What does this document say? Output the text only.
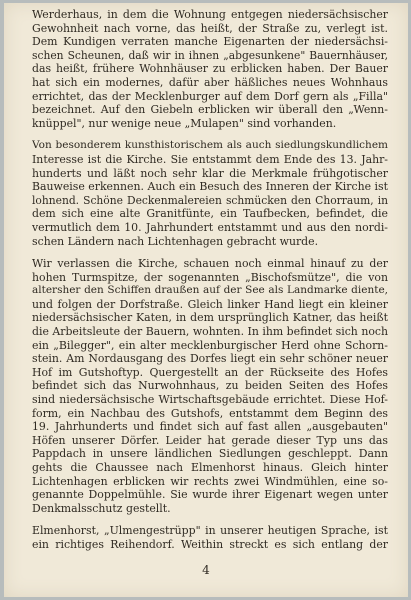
Werderhaus, in dem die Wohnung entgegen niedersächsischer
Gewohnheit nach vorne, das heißt, der Straße zu, verlegt ist.
Dem Kundigen verraten manche Eigenarten der niedersächsi-
schen Scheunen, daß wir in ihnen „abgesunkene" Bauernhäuser,
das heißt, frühere Wohnhäuser zu erblicken haben. Der Bauer
hat sich ein modernes, dafür aber häßliches neues Wohnhaus
errichtet, das der Mecklenburger auf dem Dorf gern als „Filla"
bezeichnet. Auf den Giebeln erblicken wir überall den „Wenn-
knüppel", nur wenige neue „Mulapen" sind vorhanden.
Von besonderem kunsthistorischem als auch siedlungskundlichem
Interesse ist die Kirche. Sie entstammt dem Ende des 13. Jahr-
hunderts und läßt noch sehr klar die Merkmale frühgotischer
Bauweise erkennen. Auch ein Besuch des Inneren der Kirche ist
lohnend. Schöne Deckenmalereien schmücken den Chorraum, in
dem sich eine alte Granitfünte, ein Taufbecken, befindet, die
vermutlich dem 10. Jahrhundert entstammt und aus den nordi-
schen Ländern nach Lichtenhagen gebracht wurde.
Wir verlassen die Kirche, schauen noch einmal hinauf zu der
hohen Turmspitze, der sogenannten „Bischofsmütze", die von
altersher den Schiffen draußen auf der See als Landmarke diente,
und folgen der Dorfstraße. Gleich linker Hand liegt ein kleiner
niedersächsischer Katen, in dem ursprünglich Katner, das heißt
die Arbeitsleute der Bauern, wohnten. In ihm befindet sich noch
ein „Bilegger", ein alter mecklenburgischer Herd ohne Schorn-
stein. Am Nordausgang des Dorfes liegt ein sehr schöner neuer
Hof im Gutshoftyp. Quergestellt an der Rückseite des Hofes
befindet sich das Nurwohnhaus, zu beiden Seiten des Hofes
sind niedersächsische Wirtschaftsgebäude errichtet. Diese Hof-
form, ein Nachbau des Gutshofs, entstammt dem Beginn des
19. Jahrhunderts und findet sich auf fast allen „ausgebauten"
Höfen unserer Dörfer. Leider hat gerade dieser Typ uns das
Pappdach in unsere ländlichen Siedlungen geschleppt. Dann
gehts die Chaussee nach Elmenhorst hinaus. Gleich hinter
Lichtenhagen erblicken wir rechts zwei Windmühlen, eine so-
genannte Doppelmühle. Sie wurde ihrer Eigenart wegen unter
Denkmalsschutz gestellt.
Elmenhorst, „Ulmengestrüpp" in unserer heutigen Sprache, ist
ein richtiges Reihendorf. Weithin streckt es sich entlang der
4
